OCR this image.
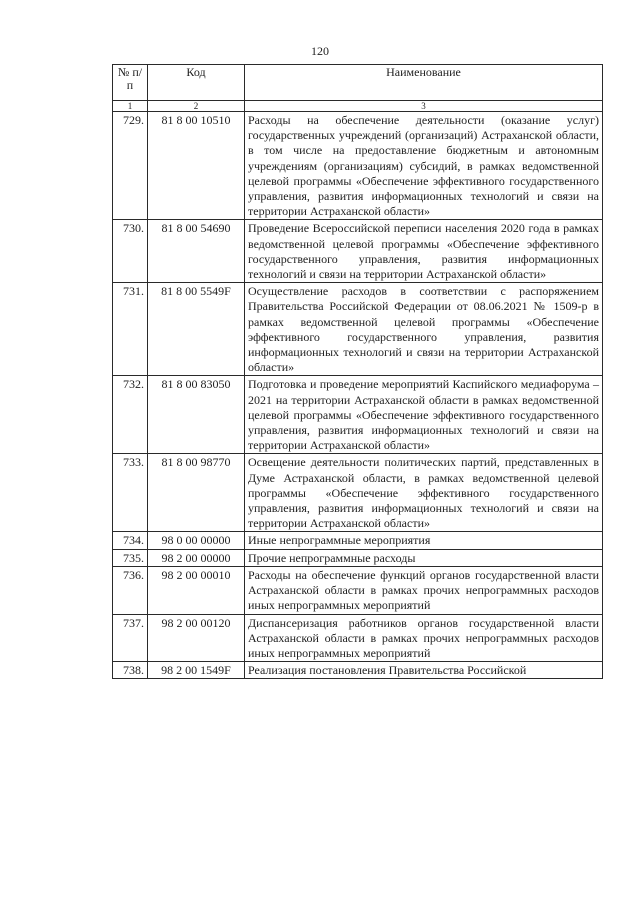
120
№ п/п	Код	Наименование
1	2	3
729.	81 8 00 10510	Расходы на обеспечение деятельности (оказание услуг) государственных учреждений (организаций) Астраханской области, в том числе на предоставление бюджетным и автономным учреждениям (организациям) субсидий, в рамках ведомственной целевой программы «Обеспечение эффективного государственного управления, развития информационных технологий и связи на территории Астраханской области»
730.	81 8 00 54690	Проведение Всероссийской переписи населения 2020 года в рамках ведомственной целевой программы «Обеспечение эффективного государственного управления, развития информационных технологий и связи на территории Астраханской области»
731.	81 8 00 5549F	Осуществление расходов в соответствии с распоряжением Правительства Российской Федерации от 08.06.2021 № 1509-р в рамках ведомственной целевой программы «Обеспечение эффективного государственного управления, развития информационных технологий и связи на территории Астраханской области»
732.	81 8 00 83050	Подготовка и проведение мероприятий Каспийского медиафорума – 2021 на территории Астраханской области в рамках ведомственной целевой программы «Обеспечение эффективного государственного управления, развития информационных технологий и связи на территории Астраханской области»
733.	81 8 00 98770	Освещение деятельности политических партий, представленных в Думе Астраханской области, в рамках ведомственной целевой программы «Обеспечение эффективного государственного управления, развития информационных технологий и связи на территории Астраханской области»
734.	98 0 00 00000	Иные непрограммные мероприятия
735.	98 2 00 00000	Прочие непрограммные расходы
736.	98 2 00 00010	Расходы на обеспечение функций органов государственной власти Астраханской области в рамках прочих непрограммных расходов иных непрограммных мероприятий
737.	98 2 00 00120	Диспансеризация работников органов государственной власти Астраханской области в рамках прочих непрограммных расходов иных непрограммных мероприятий
738.	98 2 00 1549F	Реализация постановления Правительства Российской
